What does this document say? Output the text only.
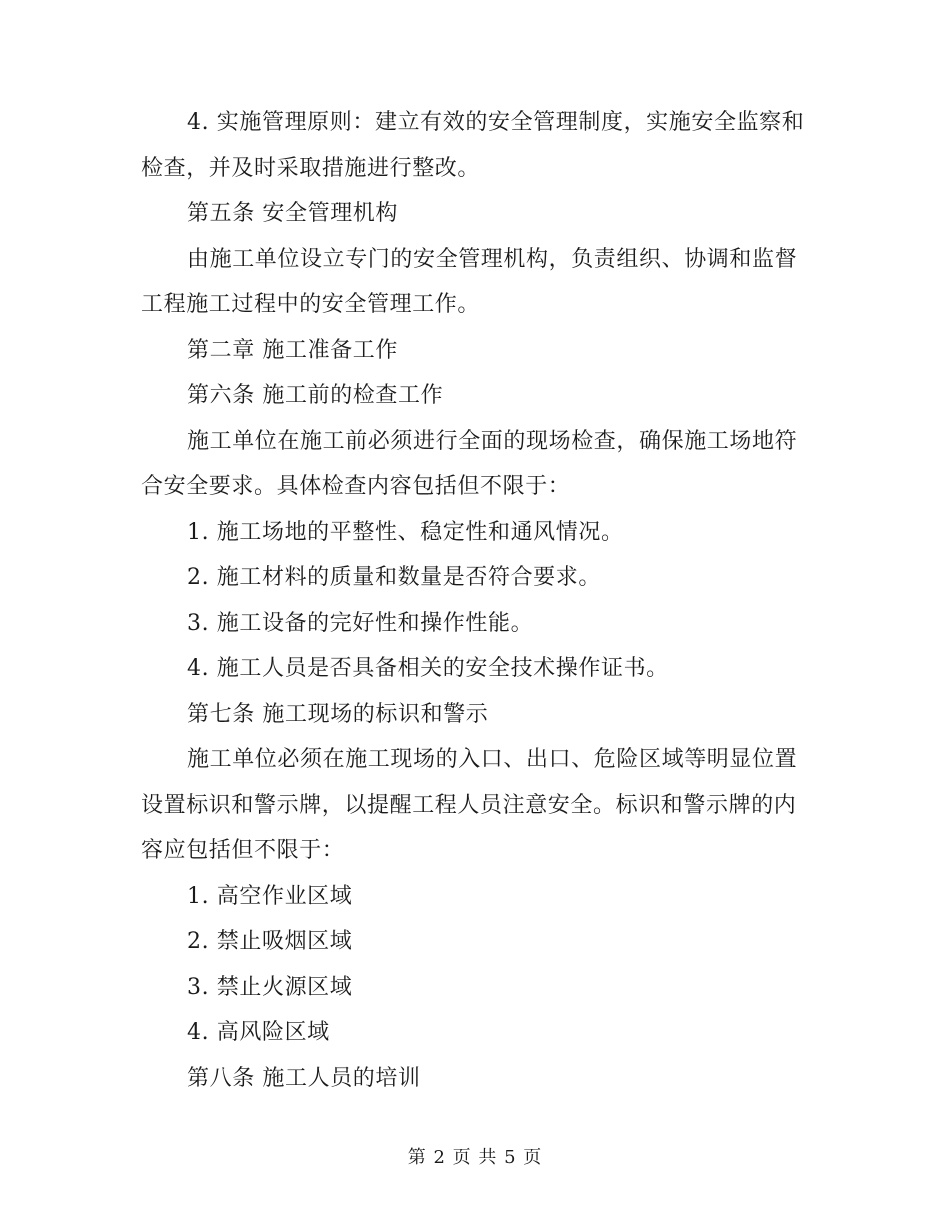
4. 实施管理原则：建立有效的安全管理制度，实施安全监察和检查，并及时采取措施进行整改。

第五条 安全管理机构

由施工单位设立专门的安全管理机构，负责组织、协调和监督工程施工过程中的安全管理工作。

第二章 施工准备工作

第六条 施工前的检查工作

施工单位在施工前必须进行全面的现场检查，确保施工场地符合安全要求。具体检查内容包括但不限于：

1. 施工场地的平整性、稳定性和通风情况。

2. 施工材料的质量和数量是否符合要求。

3. 施工设备的完好性和操作性能。

4. 施工人员是否具备相关的安全技术操作证书。

第七条 施工现场的标识和警示

施工单位必须在施工现场的入口、出口、危险区域等明显位置设置标识和警示牌，以提醒工程人员注意安全。标识和警示牌的内容应包括但不限于：

1. 高空作业区域

2. 禁止吸烟区域

3. 禁止火源区域

4. 高风险区域

第八条 施工人员的培训

第 2 页 共 5 页
